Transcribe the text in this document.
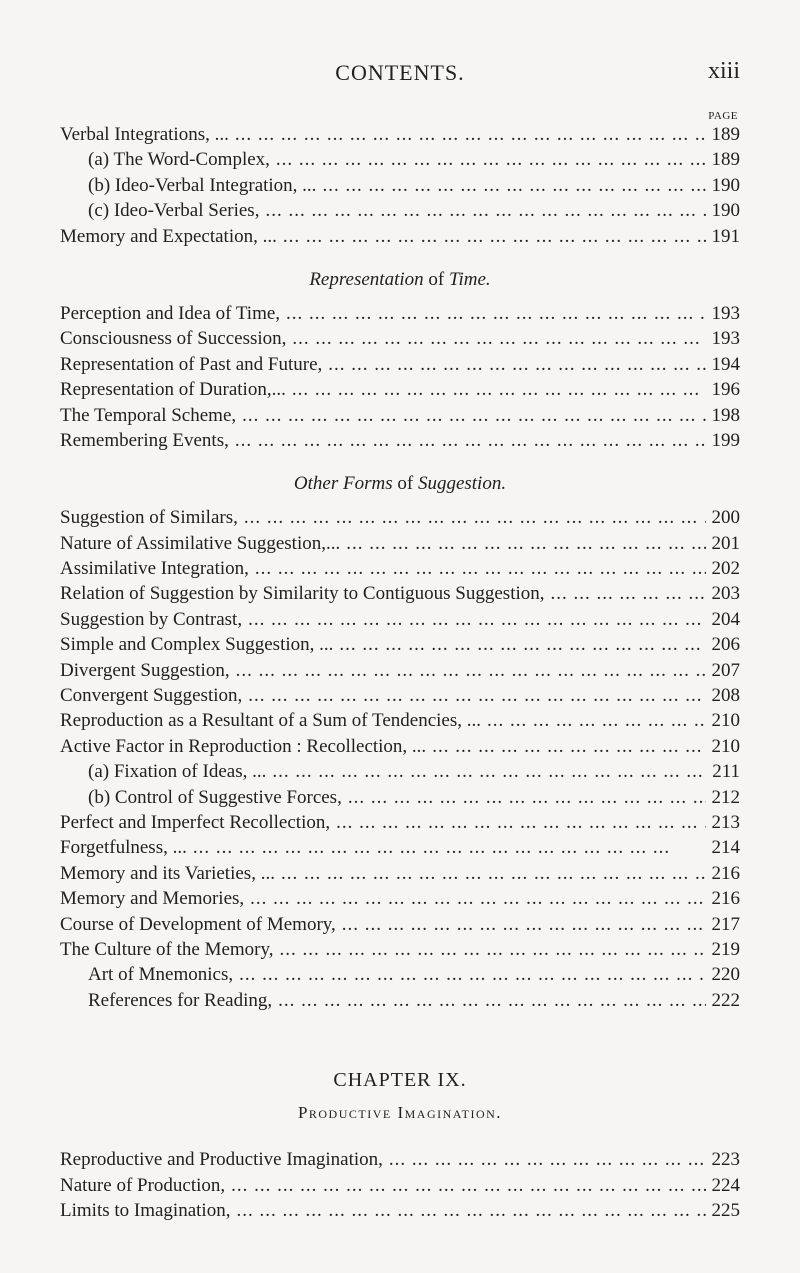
CONTENTS.	xiii
PAGE
Verbal Integrations, ... ... .	189
(a) The Word-Complex, ... .	189
(b) Ideo-Verbal Integration, ... ... .	190
(c) Ideo-Verbal Series, ... .	190
Memory and Expectation, ... ... .	191
Representation of Time.
Perception and Idea of Time, ... .	193
Consciousness of Succession, ... .	193
Representation of Past and Future, ... .	194
Representation of Duration,... ... .	196
The Temporal Scheme, ... .	198
Remembering Events, ... .	199
Other Forms of Suggestion.
Suggestion of Similars, ... .	200
Nature of Assimilative Suggestion,... ... .	201
Assimilative Integration, ... .	202
Relation of Suggestion by Similarity to Contiguous Suggestion, ... .	203
Suggestion by Contrast, ... .	204
Simple and Complex Suggestion, ... ... .	206
Divergent Suggestion, ... .	207
Convergent Suggestion, ... .	208
Reproduction as a Resultant of a Sum of Tendencies, ... ... .	210
Active Factor in Reproduction : Recollection, ... ... .	210
(a) Fixation of Ideas, ... ... .	211
(b) Control of Suggestive Forces, ... .	212
Perfect and Imperfect Recollection, ... .	213
Forgetfulness, ... ... .	214
Memory and its Varieties, ... ... .	216
Memory and Memories, ... .	216
Course of Development of Memory, ... .	217
The Culture of the Memory, ... .	219
Art of Mnemonics, ... .	220
References for Reading, ... .	222
CHAPTER IX.
Productive Imagination.
Reproductive and Productive Imagination, ... .	223
Nature of Production, ... .	224
Limits to Imagination, ... .	225
